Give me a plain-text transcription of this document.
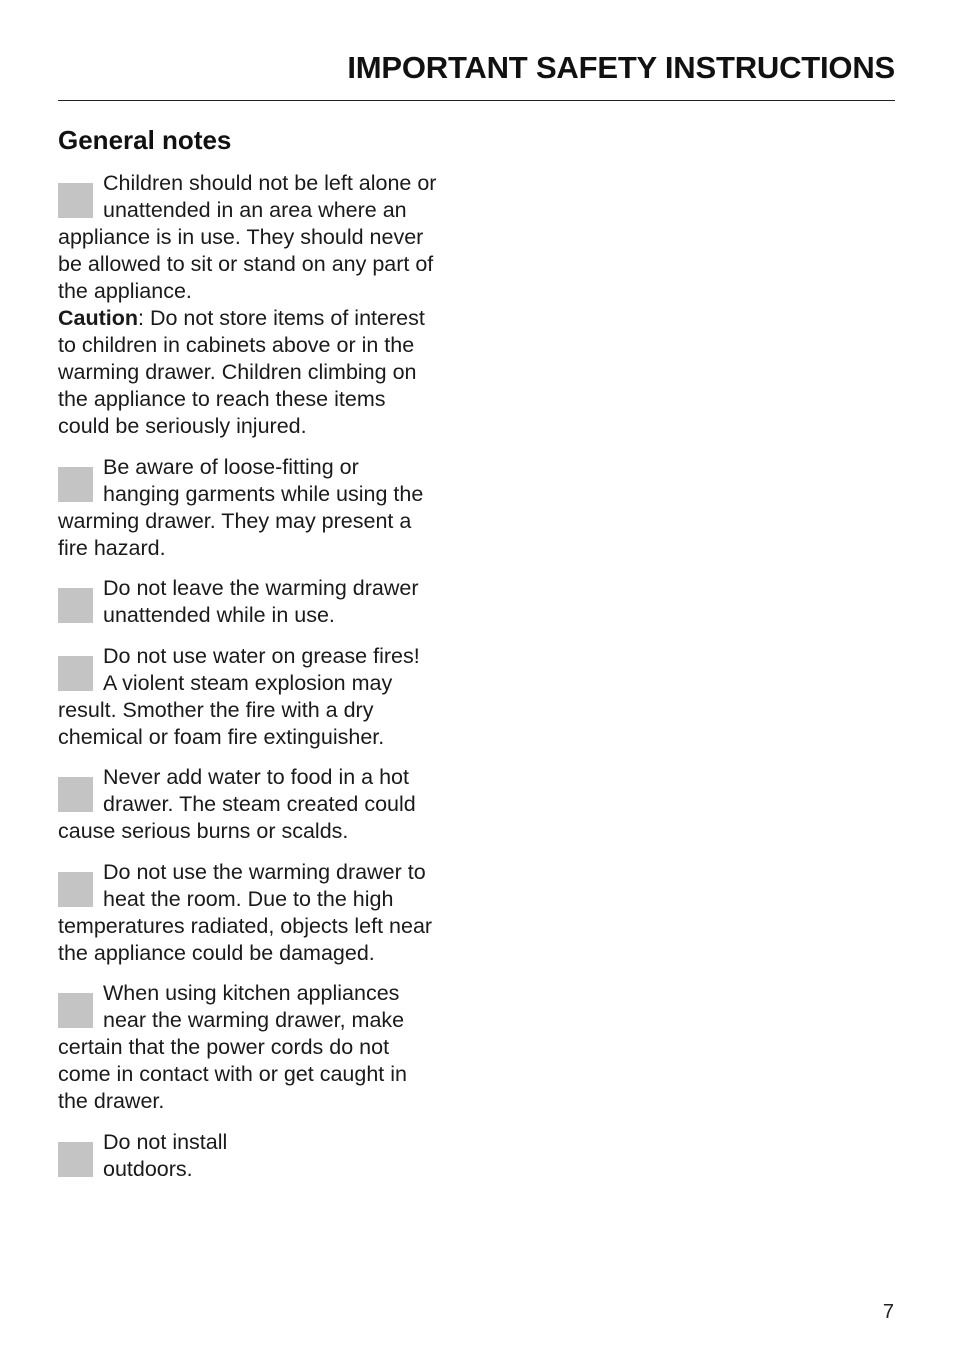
IMPORTANT SAFETY INSTRUCTIONS
General notes
Children should not be left alone or
unattended in an area where an
appliance is in use. They should never
be allowed to sit or stand on any part of
the appliance.
Caution: Do not store items of interest
to children in cabinets above or in the
warming drawer. Children climbing on
the appliance to reach these items
could be seriously injured.
Be aware of loose-fitting or
hanging garments while using the
warming drawer. They may present a
fire hazard.
Do not leave the warming drawer
unattended while in use.
Do not use water on grease fires!
A violent steam explosion may
result. Smother the fire with a dry
chemical or foam fire extinguisher.
Never add water to food in a hot
drawer. The steam created could
cause serious burns or scalds.
Do not use the warming drawer to
heat the room. Due to the high
temperatures radiated, objects left near
the appliance could be damaged.
When using kitchen appliances
near the warming drawer, make
certain that the power cords do not
come in contact with or get caught in
the drawer.
Do not install
outdoors.
7
